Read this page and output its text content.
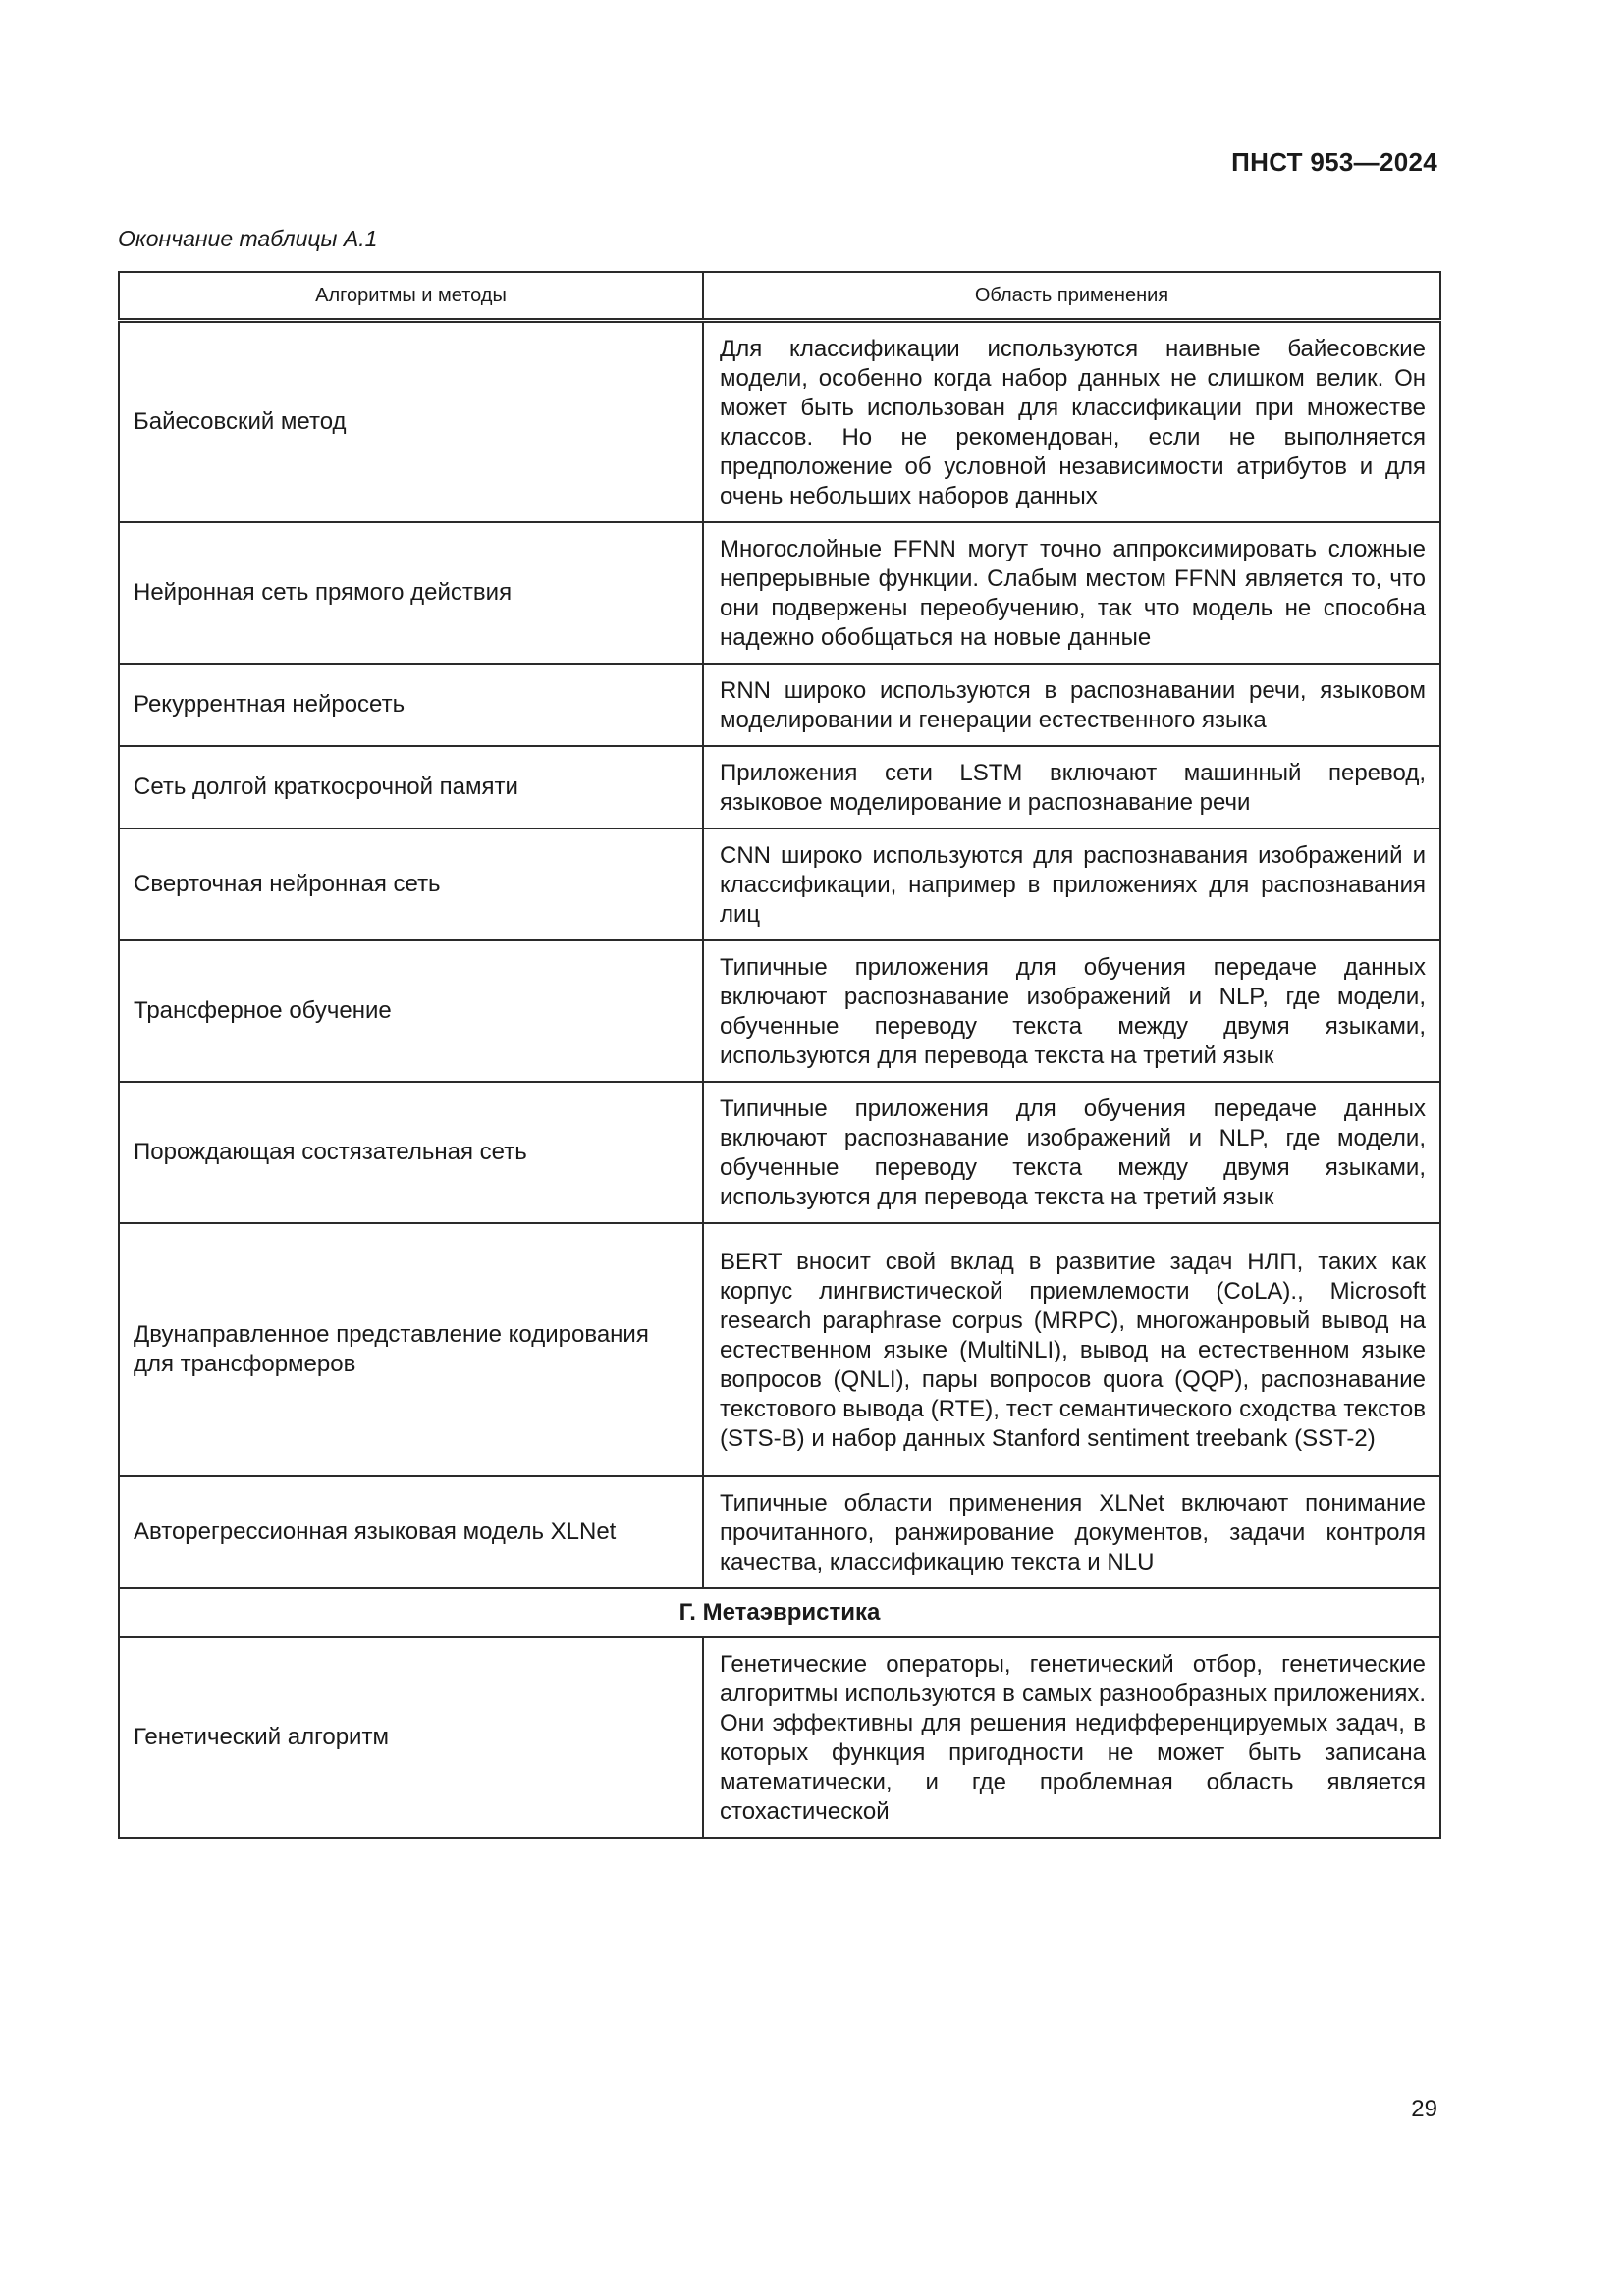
ПНСТ 953—2024
Окончание таблицы А.1
Алгоритмы и методы	Область применения
Байесовский метод	Для классификации используются наивные байесовские модели, особенно когда набор данных не слишком велик. Он может быть использован для классификации при множестве классов. Но не рекомендован, если не выполняется предположение об условной независимости атрибутов и для очень небольших наборов данных
Нейронная сеть прямого действия	Многослойные FFNN могут точно аппроксимировать сложные непрерывные функции. Слабым местом FFNN является то, что они подвержены переобучению, так что модель не способна надежно обобщаться на новые данные
Рекуррентная нейросеть	RNN широко используются в распознавании речи, языковом моделировании и генерации естественного языка
Сеть долгой краткосрочной памяти	Приложения сети LSTM включают машинный перевод, языковое моделирование и распознавание речи
Сверточная нейронная сеть	CNN широко используются для распознавания изображений и классификации, например в приложениях для распознавания лиц
Трансферное обучение	Типичные приложения для обучения передаче данных включают распознавание изображений и NLP, где модели, обученные переводу текста между двумя языками, используются для перевода текста на третий язык
Порождающая состязательная сеть	Типичные приложения для обучения передаче данных включают распознавание изображений и NLP, где модели, обученные переводу текста между двумя языками, используются для перевода текста на третий язык
Двунаправленное представление кодирования для трансформеров	BERT вносит свой вклад в развитие задач НЛП, таких как корпус лингвистической приемлемости (CoLA)., Microsoft research paraphrase corpus (MRPC), многожанровый вывод на естественном языке (MultiNLI), вывод на естественном языке вопросов (QNLI), пары вопросов quora (QQP), распознавание текстового вывода (RTE), тест семантического сходства текстов (STS-B) и набор данных Stanford sentiment treebank (SST-2)
Авторегрессионная языковая модель XLNet	Типичные области применения XLNet включают понимание прочитанного, ранжирование документов, задачи контроля качества, классификацию текста и NLU
Г. Метаэвристика	
Генетический алгоритм	Генетические операторы, генетический отбор, генетические алгоритмы используются в самых разнообразных приложениях. Они эффективны для решения недифференцируемых задач, в которых функция пригодности не может быть записана математически, и где проблемная область является стохастической
29
